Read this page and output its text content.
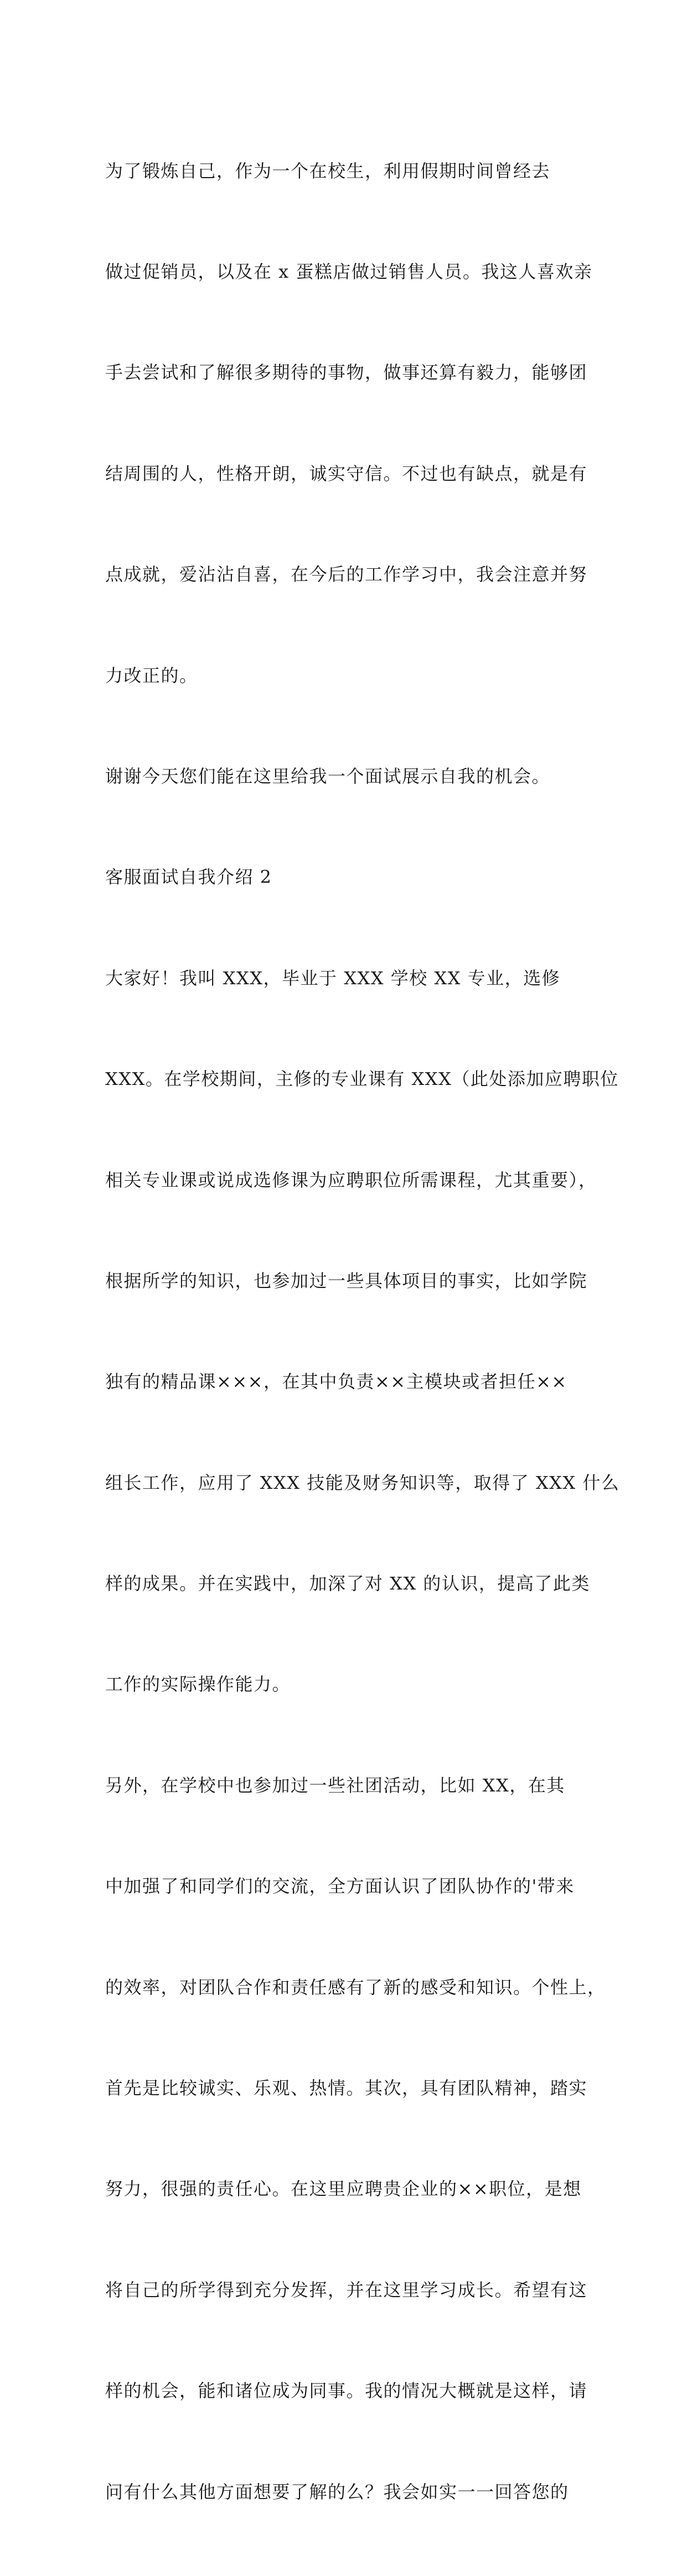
为了锻炼自己，作为一个在校生，利用假期时间曾经去

做过促销员，以及在 x 蛋糕店做过销售人员。我这人喜欢亲

手去尝试和了解很多期待的事物，做事还算有毅力，能够团

结周围的人，性格开朗，诚实守信。不过也有缺点，就是有

点成就，爱沾沾自喜，在今后的工作学习中，我会注意并努

力改正的。

谢谢今天您们能在这里给我一个面试展示自我的机会。

客服面试自我介绍 2

大家好！我叫 XXX，毕业于 XXX 学校 XX 专业，选修

XXX。在学校期间，主修的专业课有 XXX（此处添加应聘职位

相关专业课或说成选修课为应聘职位所需课程，尤其重要），

根据所学的知识，也参加过一些具体项目的事实，比如学院

独有的精品课×××，在其中负责××主模块或者担任××

组长工作，应用了 XXX 技能及财务知识等，取得了 XXX 什么

样的成果。并在实践中，加深了对 XX 的认识，提高了此类

工作的实际操作能力。

另外，在学校中也参加过一些社团活动，比如 XX，在其

中加强了和同学们的交流，全方面认识了团队协作的'带来

的效率，对团队合作和责任感有了新的感受和知识。个性上，

首先是比较诚实、乐观、热情。其次，具有团队精神，踏实

努力，很强的责任心。在这里应聘贵企业的××职位，是想

将自己的所学得到充分发挥，并在这里学习成长。希望有这

样的机会，能和诸位成为同事。我的情况大概就是这样，请

问有什么其他方面想要了解的么？我会如实一一回答您的
